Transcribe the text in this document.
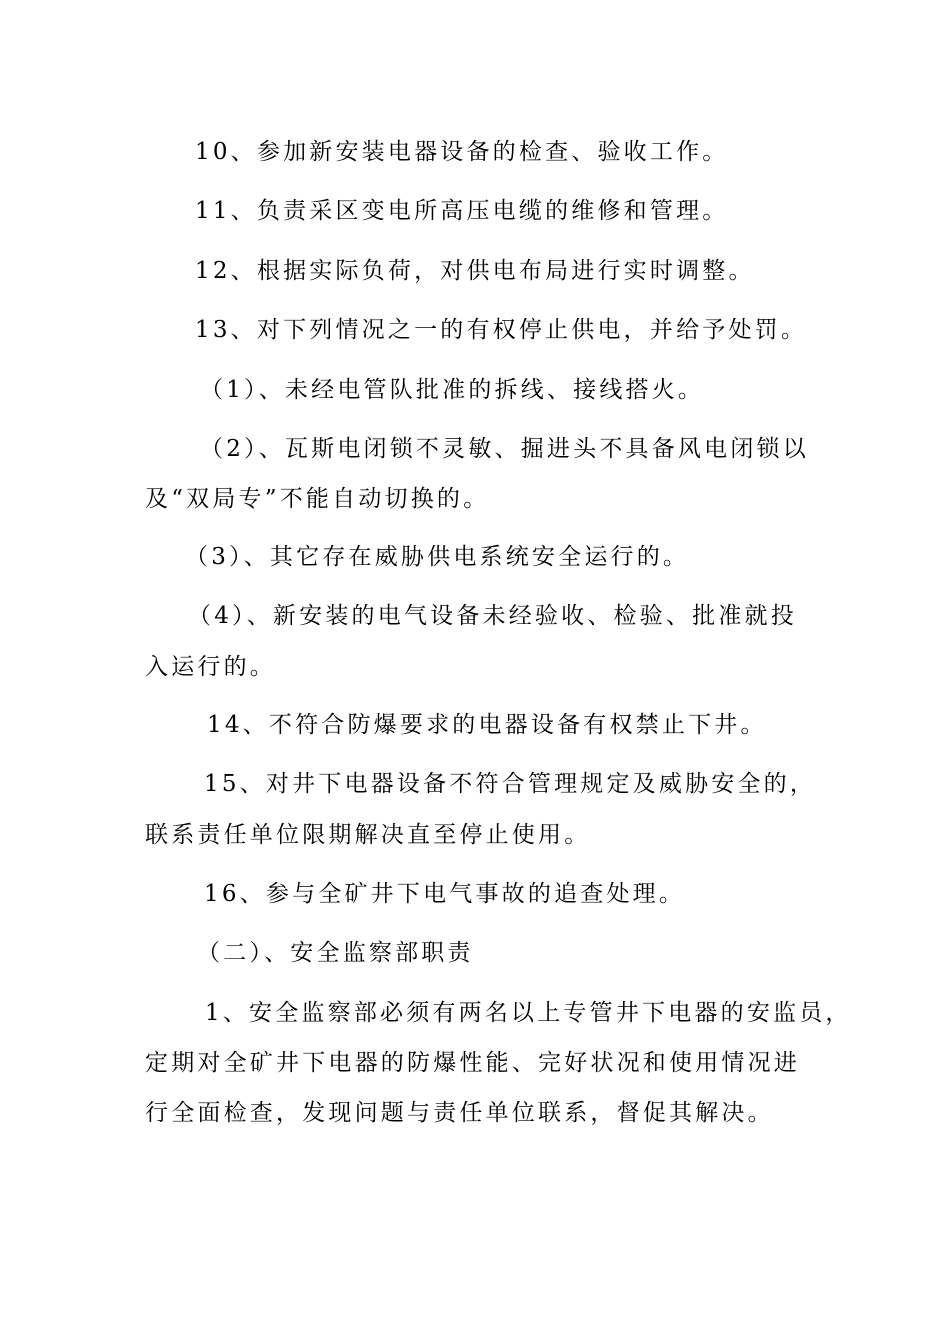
10、参加新安装电器设备的检查、验收工作。

11、负责采区变电所高压电缆的维修和管理。

12、根据实际负荷，对供电布局进行实时调整。

13、对下列情况之一的有权停止供电，并给予处罚。

（1）、未经电管队批准的拆线、接线搭火。

（2）、瓦斯电闭锁不灵敏、掘进头不具备风电闭锁以

及“双局专”不能自动切换的。

（3）、其它存在威胁供电系统安全运行的。

（4）、新安装的电气设备未经验收、检验、批准就投

入运行的。

14、不符合防爆要求的电器设备有权禁止下井。

15、对井下电器设备不符合管理规定及威胁安全的，

联系责任单位限期解决直至停止使用。

16、参与全矿井下电气事故的追查处理。

（二）、安全监察部职责

1、安全监察部必须有两名以上专管井下电器的安监员，

定期对全矿井下电器的防爆性能、完好状况和使用情况进

行全面检查，发现问题与责任单位联系，督促其解决。
